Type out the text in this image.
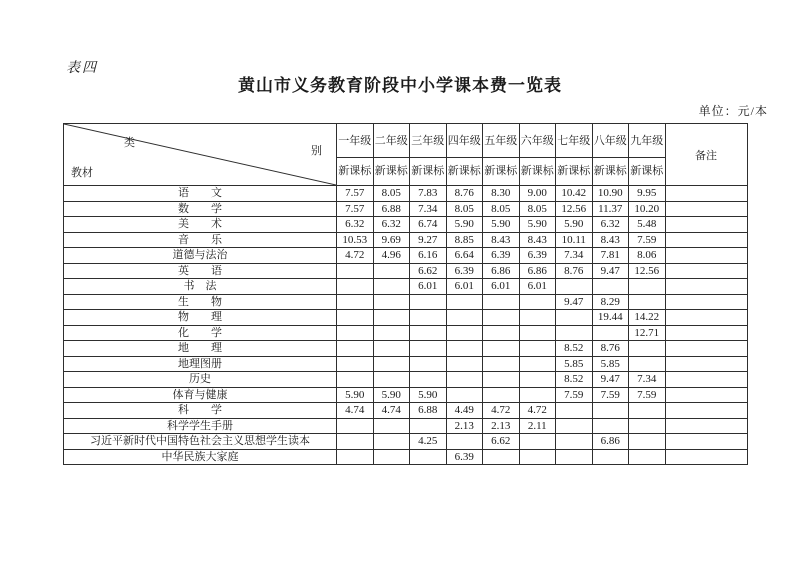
表四
黄山市义务教育阶段中小学课本费一览表
单位：元/本
类
别
教材	一年级	二年级	三年级	四年级	五年级	六年级	七年级	八年级	九年级	备注
	新课标	新课标	新课标	新课标	新课标	新课标	新课标	新课标	新课标	
语　　文	7.57	8.05	7.83	8.76	8.30	9.00	10.42	10.90	9.95	
数　　学	7.57	6.88	7.34	8.05	8.05	8.05	12.56	11.37	10.20	
美　　术	6.32	6.32	6.74	5.90	5.90	5.90	5.90	6.32	5.48	
音　　乐	10.53	9.69	9.27	8.85	8.43	8.43	10.11	8.43	7.59	
道德与法治	4.72	4.96	6.16	6.64	6.39	6.39	7.34	7.81	8.06	
英　　语			6.62	6.39	6.86	6.86	8.76	9.47	12.56	
书　法			6.01	6.01	6.01	6.01				
生　　物							9.47	8.29		
物　　理								19.44	14.22	
化　　学									12.71	
地　　理							8.52	8.76		
地理图册							5.85	5.85		
历史							8.52	9.47	7.34	
体育与健康	5.90	5.90	5.90				7.59	7.59	7.59	
科　　学	4.74	4.74	6.88	4.49	4.72	4.72				
科学学生手册				2.13	2.13	2.11				
习近平新时代中国特色社会主义思想学生读本			4.25		6.62			6.86		
中华民族大家庭				6.39						
